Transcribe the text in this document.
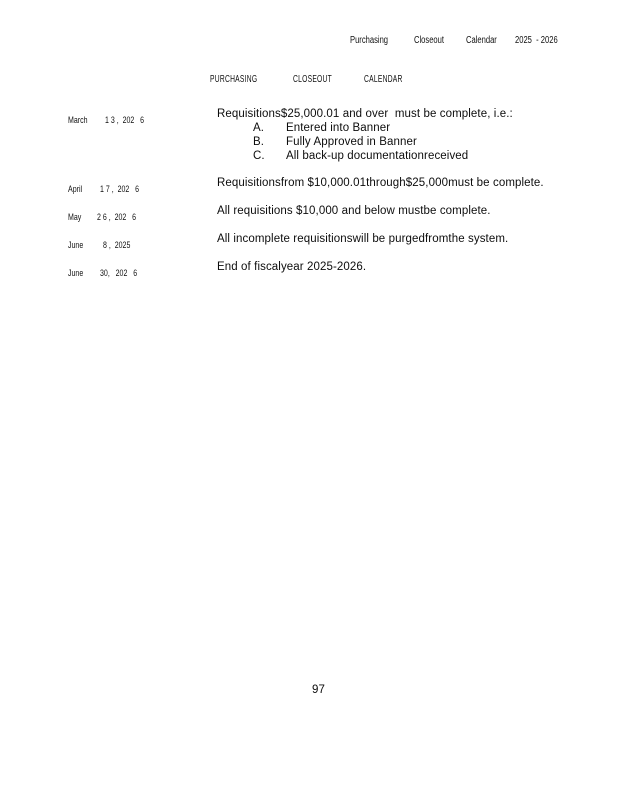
Purchasing	Closeout	Calendar	2025  - 2026
PURCHASING	CLOSEOUT	CALENDAR
March	1 3 ,  202   6
Requisitions$25,000.01 and over  must be complete, i.e.:
A. Entered into Banner
B. Fully Approved in Banner
C. All back-up documentationreceived
April	1 7 ,  202   6
Requisitionsfrom $10,000.01through$25,000must be complete.
May	2 6 ,  202   6
All requisitions $10,000 and below mustbe complete.
June	8 ,  2025
All incomplete requisitionswill be purgedfromthe system.
June	30,   202   6
End of fiscalyear 2025-2026.
97
